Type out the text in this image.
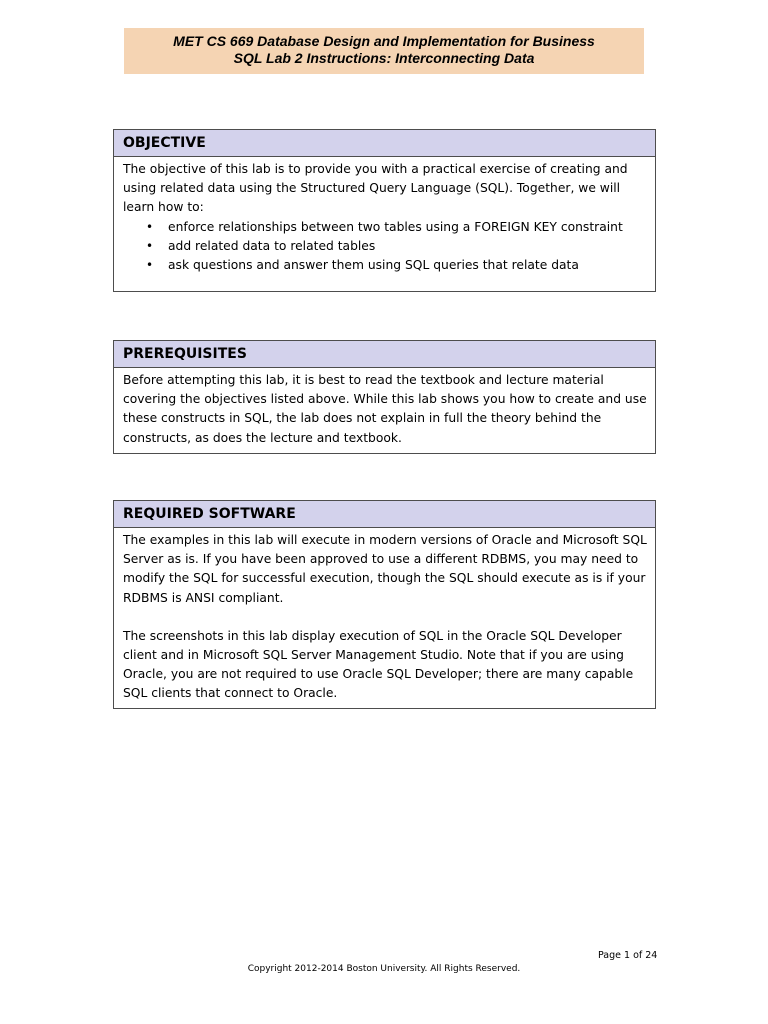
MET CS 669 Database Design and Implementation for Business
SQL Lab 2 Instructions: Interconnecting Data
OBJECTIVE

The objective of this lab is to provide you with a practical exercise of creating and using related data using the Structured Query Language (SQL). Together, we will learn how to:

• enforce relationships between two tables using a FOREIGN KEY constraint
• add related data to related tables
• ask questions and answer them using SQL queries that relate data
PREREQUISITES

Before attempting this lab, it is best to read the textbook and lecture material covering the objectives listed above. While this lab shows you how to create and use these constructs in SQL, the lab does not explain in full the theory behind the constructs, as does the lecture and textbook.

REQUIRED SOFTWARE

The examples in this lab will execute in modern versions of Oracle and Microsoft SQL Server as is. If you have been approved to use a different RDBMS, you may need to modify the SQL for successful execution, though the SQL should execute as is if your RDBMS is ANSI compliant.

The screenshots in this lab display execution of SQL in the Oracle SQL Developer client and in Microsoft SQL Server Management Studio. Note that if you are using Oracle, you are not required to use Oracle SQL Developer; there are many capable SQL clients that connect to Oracle.

Page 1 of 24
Copyright 2012-2014 Boston University. All Rights Reserved.
